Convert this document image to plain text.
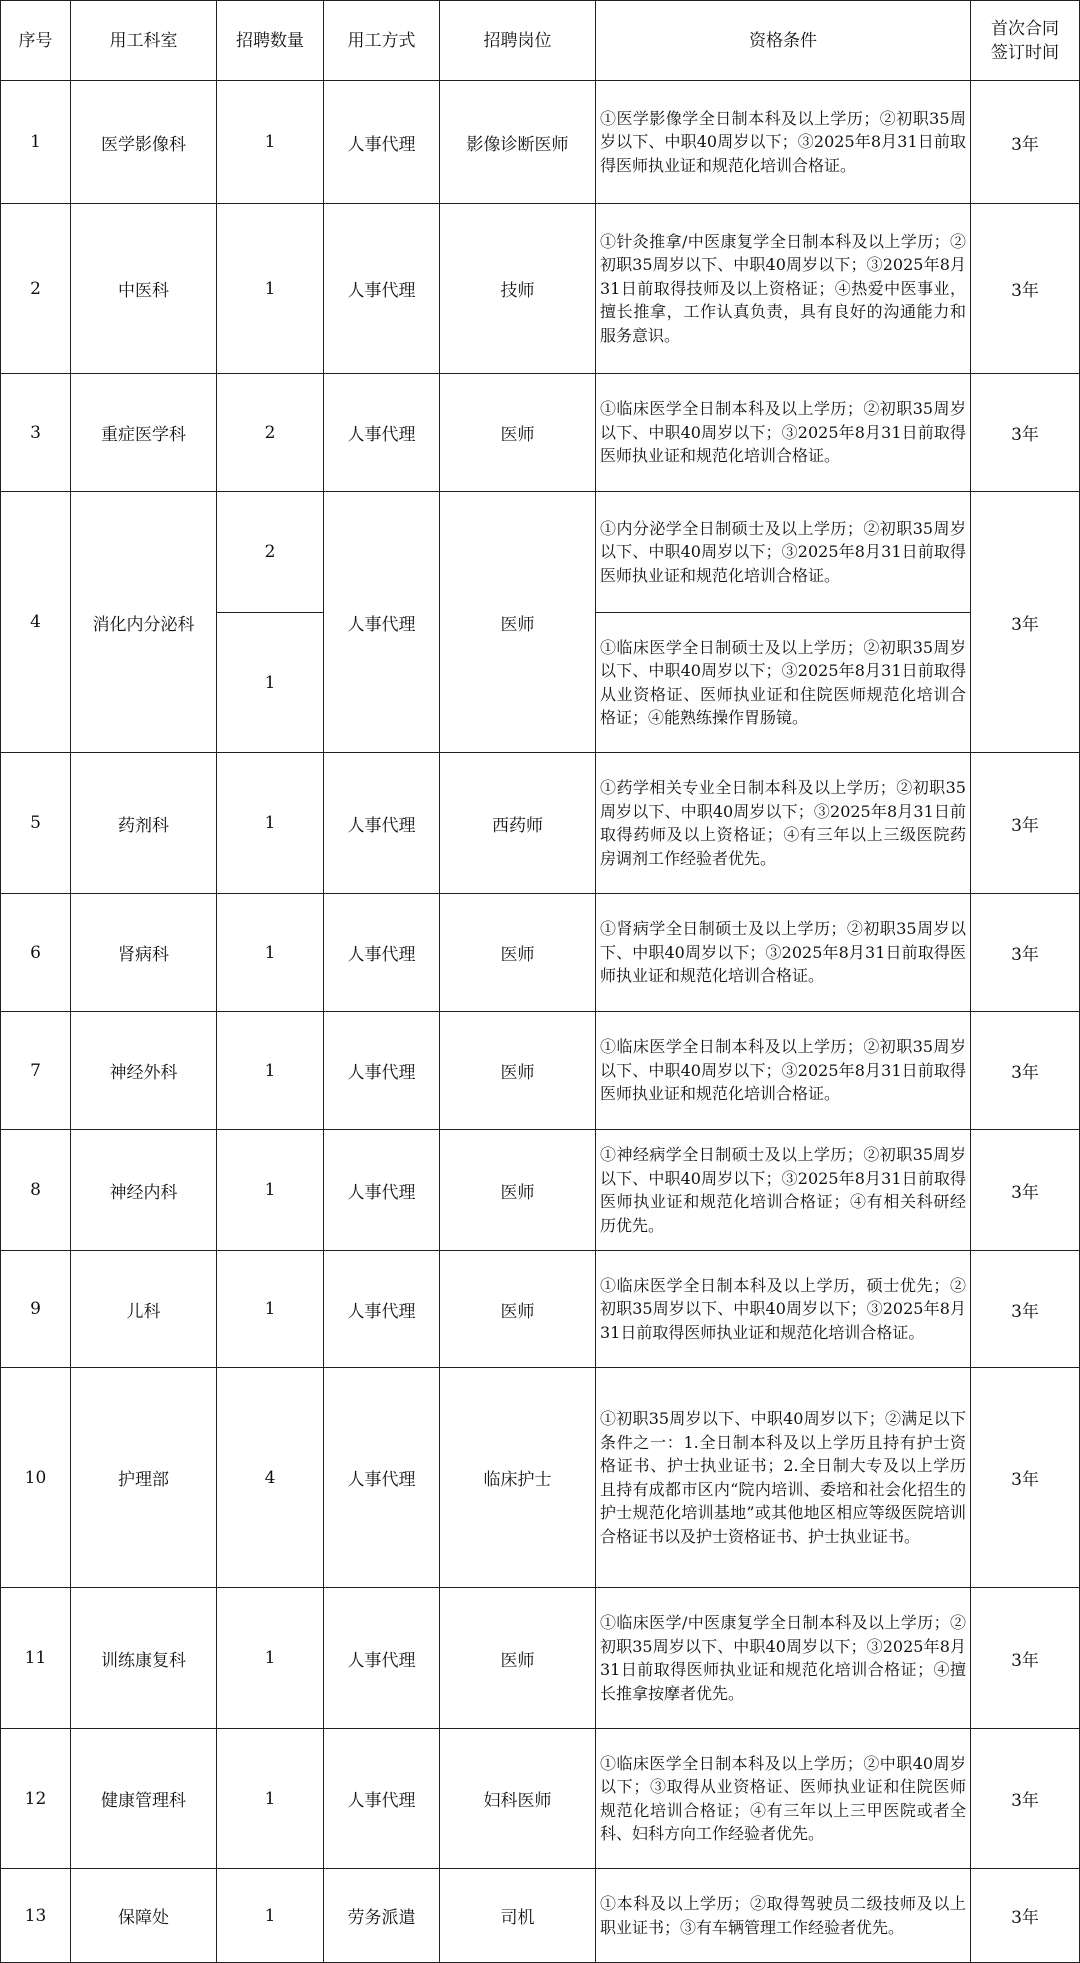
序号	用工科室	招聘数量	用工方式	招聘岗位	资格条件	首次合同
签订时间

1	医学影像科	1	人事代理	影像诊断医师	①医学影像学全日制本科及以上学历；②初职35周岁以下、中职40周岁以下；③2025年8月31日前取得医师执业证和规范化培训合格证。	3年
2	中医科	1	人事代理	技师	①针灸推拿/中医康复学全日制本科及以上学历；②初职35周岁以下、中职40周岁以下；③2025年8月31日前取得技师及以上资格证；④热爱中医事业，擅长推拿，工作认真负责，具有良好的沟通能力和服务意识。	3年
3	重症医学科	2	人事代理	医师	①临床医学全日制本科及以上学历；②初职35周岁以下、中职40周岁以下；③2025年8月31日前取得医师执业证和规范化培训合格证。	3年
4	消化内分泌科	2	人事代理	医师	①内分泌学全日制硕士及以上学历；②初职35周岁以下、中职40周岁以下；③2025年8月31日前取得医师执业证和规范化培训合格证。	3年
		1			①临床医学全日制硕士及以上学历；②初职35周岁以下、中职40周岁以下；③2025年8月31日前取得从业资格证、医师执业证和住院医师规范化培训合格证；④能熟练操作胃肠镜。	
5	药剂科	1	人事代理	西药师	①药学相关专业全日制本科及以上学历；②初职35周岁以下、中职40周岁以下；③2025年8月31日前取得药师及以上资格证；④有三年以上三级医院药房调剂工作经验者优先。	3年
6	肾病科	1	人事代理	医师	①肾病学全日制硕士及以上学历；②初职35周岁以下、中职40周岁以下；③2025年8月31日前取得医师执业证和规范化培训合格证。	3年
7	神经外科	1	人事代理	医师	①临床医学全日制本科及以上学历；②初职35周岁以下、中职40周岁以下；③2025年8月31日前取得医师执业证和规范化培训合格证。	3年
8	神经内科	1	人事代理	医师	①神经病学全日制硕士及以上学历；②初职35周岁以下、中职40周岁以下；③2025年8月31日前取得医师执业证和规范化培训合格证；④有相关科研经历优先。	3年
9	儿科	1	人事代理	医师	①临床医学全日制本科及以上学历，硕士优先；②初职35周岁以下、中职40周岁以下；③2025年8月31日前取得医师执业证和规范化培训合格证。	3年
10	护理部	4	人事代理	临床护士	①初职35周岁以下、中职40周岁以下；②满足以下条件之一：1.全日制本科及以上学历且持有护士资格证书、护士执业证书；2.全日制大专及以上学历且持有成都市区内“院内培训、委培和社会化招生的护士规范化培训基地”或其他地区相应等级医院培训合格证书以及护士资格证书、护士执业证书。	3年
11	训练康复科	1	人事代理	医师	①临床医学/中医康复学全日制本科及以上学历；②初职35周岁以下、中职40周岁以下；③2025年8月31日前取得医师执业证和规范化培训合格证；④擅长推拿按摩者优先。	3年
12	健康管理科	1	人事代理	妇科医师	①临床医学全日制本科及以上学历；②中职40周岁以下；③取得从业资格证、医师执业证和住院医师规范化培训合格证；④有三年以上三甲医院或者全科、妇科方向工作经验者优先。	3年
13	保障处	1	劳务派遣	司机	①本科及以上学历；②取得驾驶员二级技师及以上职业证书；③有车辆管理工作经验者优先。	3年
